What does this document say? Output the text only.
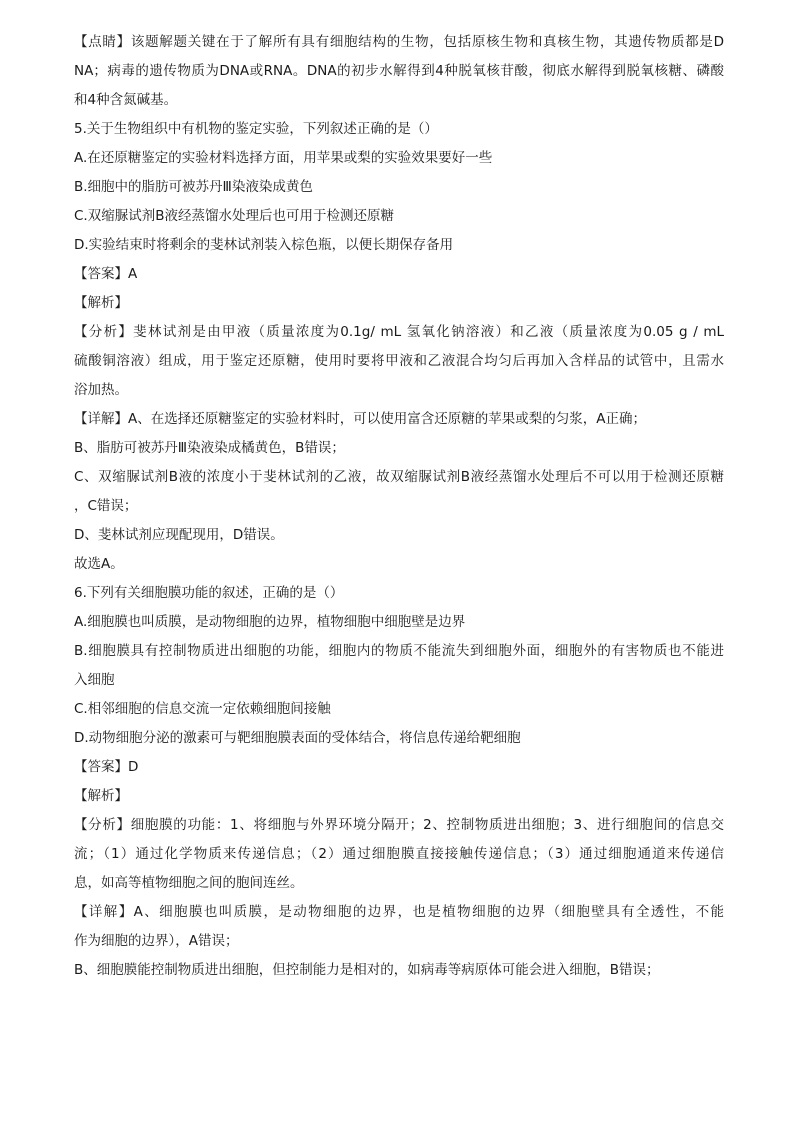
【点睛】该题解题关键在于了解所有具有细胞结构的生物，包括原核生物和真核生物，其遗传物质都是D
NA；病毒的遗传物质为DNA或RNA。DNA的初步水解得到4种脱氧核苷酸，彻底水解得到脱氧核糖、磷酸
和4种含氮碱基。
5.关于生物组织中有机物的鉴定实验，下列叙述正确的是（）
A.在还原糖鉴定的实验材料选择方面，用苹果或梨的实验效果要好一些
B.细胞中的脂肪可被苏丹Ⅲ染液染成黄色
C.双缩脲试剂B液经蒸馏水处理后也可用于检测还原糖
D.实验结束时将剩余的斐林试剂装入棕色瓶，以便长期保存备用
【答案】A
【解析】
【分析】斐林试剂是由甲液（质量浓度为0.1g/ mL 氢氧化钠溶液）和乙液（质量浓度为0.05 g / mL
硫酸铜溶液）组成，用于鉴定还原糖，使用时要将甲液和乙液混合均匀后再加入含样品的试管中，且需水
浴加热。
【详解】A、在选择还原糖鉴定的实验材料时，可以使用富含还原糖的苹果或梨的匀浆，A正确；
B、脂肪可被苏丹Ⅲ染液染成橘黄色，B错误；
C、双缩脲试剂B液的浓度小于斐林试剂的乙液，故双缩脲试剂B液经蒸馏水处理后不可以用于检测还原糖
，C错误；
D、斐林试剂应现配现用，D错误。
故选A。
6.下列有关细胞膜功能的叙述，正确的是（）
A.细胞膜也叫质膜，是动物细胞的边界，植物细胞中细胞壁是边界
B.细胞膜具有控制物质进出细胞的功能，细胞内的物质不能流失到细胞外面，细胞外的有害物质也不能进
入细胞
C.相邻细胞的信息交流一定依赖细胞间接触
D.动物细胞分泌的激素可与靶细胞膜表面的受体结合，将信息传递给靶细胞
【答案】D
【解析】
【分析】细胞膜的功能：1、将细胞与外界环境分隔开；2、控制物质进出细胞；3、进行细胞间的信息交
流；（1）通过化学物质来传递信息；（2）通过细胞膜直接接触传递信息；（3）通过细胞通道来传递信
息，如高等植物细胞之间的胞间连丝。
【详解】A、细胞膜也叫质膜，是动物细胞的边界，也是植物细胞的边界（细胞壁具有全透性，不能
作为细胞的边界），A错误；
B、细胞膜能控制物质进出细胞，但控制能力是相对的，如病毒等病原体可能会进入细胞，B错误；
